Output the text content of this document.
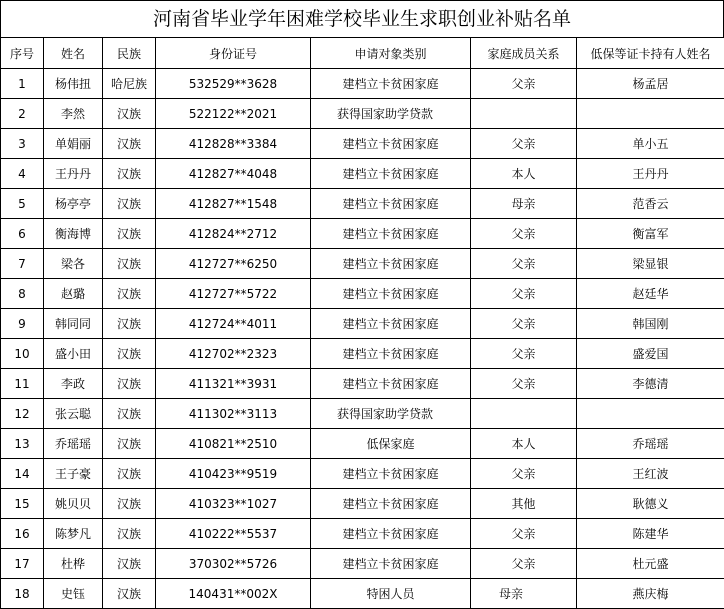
河南省毕业学年困难学校毕业生求职创业补贴名单
序号	姓名	民族	身份证号	申请对象类别	家庭成员关系	低保等证卡持有人姓名
1	杨伟扭	哈尼族	532529**3628	建档立卡贫困家庭	父亲	杨孟居
2	李然	汉族	522122**2021	获得国家助学贷款		
3	单娟丽	汉族	412828**3384	建档立卡贫困家庭	父亲	单小五
4	王丹丹	汉族	412827**4048	建档立卡贫困家庭	本人	王丹丹
5	杨亭亭	汉族	412827**1548	建档立卡贫困家庭	母亲	范香云
6	衡海博	汉族	412824**2712	建档立卡贫困家庭	父亲	衡富军
7	梁各	汉族	412727**6250	建档立卡贫困家庭	父亲	梁显银
8	赵璐	汉族	412727**5722	建档立卡贫困家庭	父亲	赵廷华
9	韩同同	汉族	412724**4011	建档立卡贫困家庭	父亲	韩国刚
10	盛小田	汉族	412702**2323	建档立卡贫困家庭	父亲	盛爱国
11	李政	汉族	411321**3931	建档立卡贫困家庭	父亲	李德清
12	张云聪	汉族	411302**3113	获得国家助学贷款		
13	乔瑶瑶	汉族	410821**2510	低保家庭	本人	乔瑶瑶
14	王子豪	汉族	410423**9519	建档立卡贫困家庭	父亲	王红波
15	姚贝贝	汉族	410323**1027	建档立卡贫困家庭	其他	耿德义
16	陈梦凡	汉族	410222**5537	建档立卡贫困家庭	父亲	陈建华
17	杜桦	汉族	370302**5726	建档立卡贫困家庭	父亲	杜元盛
18	史钰	汉族	140431**002X	特困人员	母亲	燕庆梅
